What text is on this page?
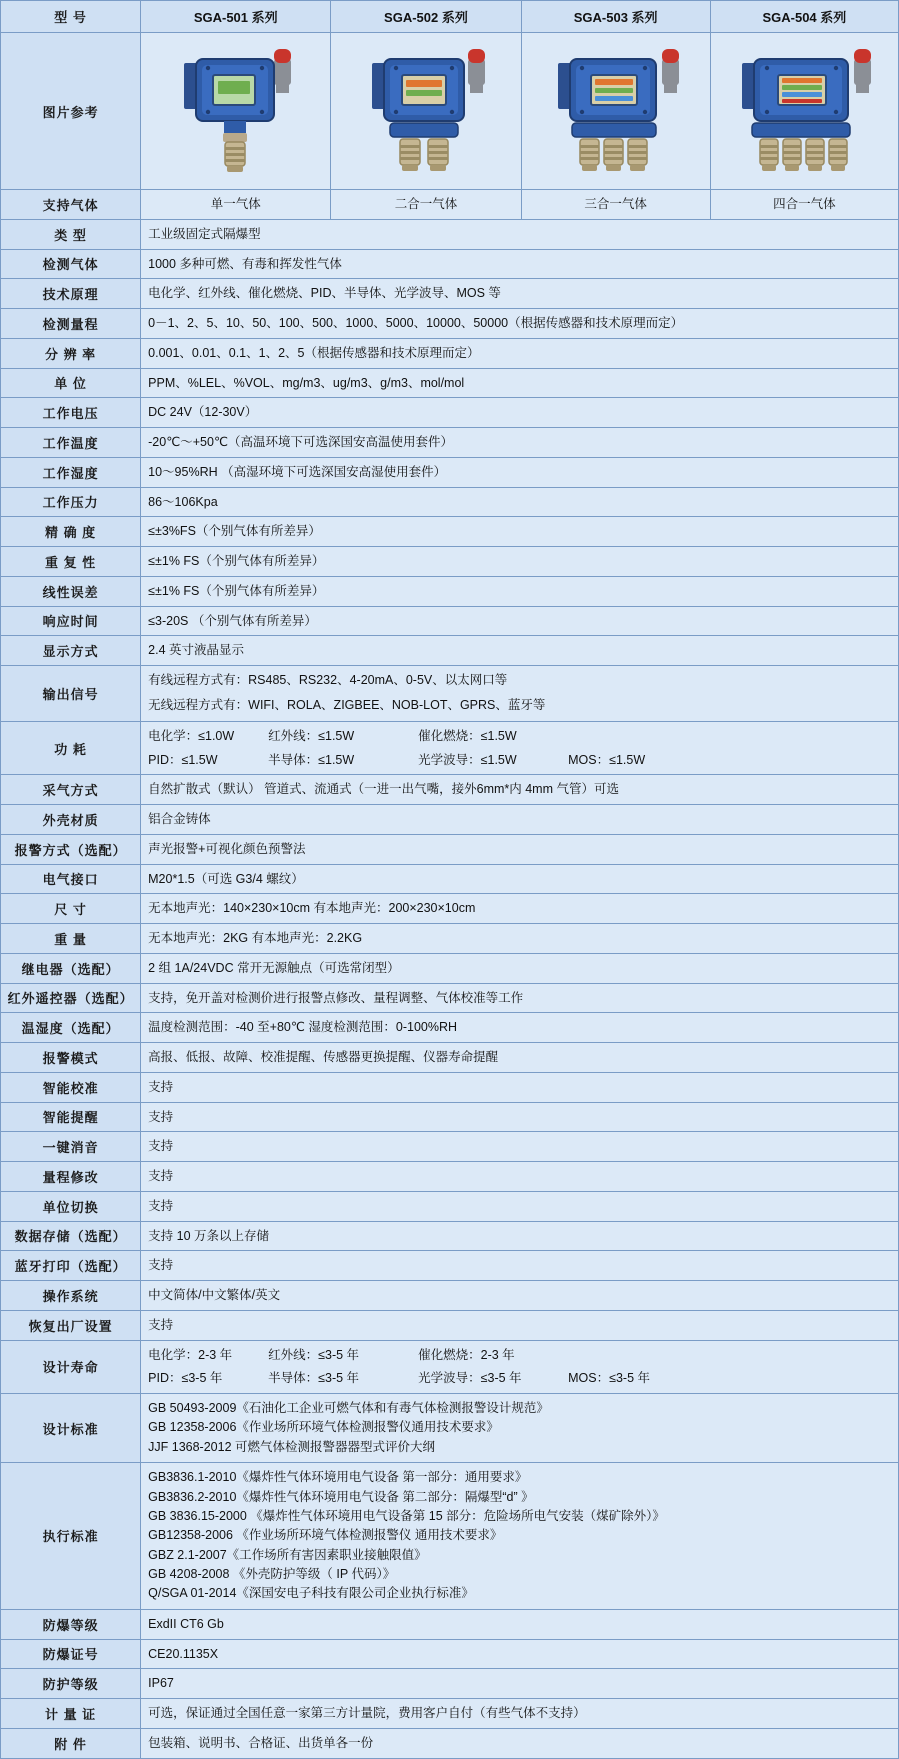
型 号	SGA-501 系列	SGA-502 系列	SGA-503 系列	SGA-504 系列
图片参考	

支持气体	单一气体	二合一气体	三合一气体	四合一气体
类 型	工业级固定式隔爆型			
检测气体	1000 多种可燃、有毒和挥发性气体			
技术原理	电化学、红外线、催化燃烧、PID、半导体、光学波导、MOS 等			
检测量程	0－1、2、5、10、50、100、500、1000、5000、10000、50000（根据传感器和技术原理而定）			
分 辨 率	0.001、0.01、0.1、1、2、5（根据传感器和技术原理而定）			
单 位	PPM、%LEL、%VOL、mg/m3、ug/m3、g/m3、mol/mol			
工作电压	DC 24V（12-30V）			
工作温度	-20℃～+50℃（高温环境下可选深国安高温使用套件）			
工作湿度	10～95%RH （高湿环境下可选深国安高湿使用套件）			
工作压力	86～106Kpa			
精 确 度	≤±3%FS（个别气体有所差异）			
重 复 性	≤±1% FS（个别气体有所差异）			
线性误差	≤±1% FS（个别气体有所差异）			
响应时间	≤3-20S （个别气体有所差异）			
显示方式	2.4 英寸液晶显示			
输出信号	有线远程方式有：RS485、RS232、4-20mA、0-5V、以太网口等
无线远程方式有：WIFI、ROLA、ZIGBEE、NOB-LOT、GPRS、蓝牙等			

功 耗	
电化学：≤1.0W	红外线：≤1.5W	催化燃烧：≤1.5W
PID：≤1.5W	半导体：≤1.5W	光学波导：≤1.5W	MOS：≤1.5W

采气方式	自然扩散式（默认） 管道式、流通式（一进一出气嘴，接外6mm*内 4mm 气管）可选			
外壳材质	铝合金铸体			
报警方式（选配）	声光报警+可视化颜色预警法			
电气接口	M20*1.5（可选 G3/4 螺纹）			
尺 寸	无本地声光：140×230×10cm 有本地声光：200×230×10cm			
重 量	无本地声光：2KG 有本地声光：2.2KG			
继电器（选配）	2 组 1A/24VDC 常开无源触点（可选常闭型）			
红外遥控器（选配）	支持，免开盖对检测价进行报警点修改、量程调整、气体校准等工作			
温湿度（选配）	温度检测范围：-40 至+80℃ 湿度检测范围：0-100%RH			
报警模式	高报、低报、故障、校准提醒、传感器更换提醒、仪器寿命提醒			
智能校准	支持			
智能提醒	支持			
一键消音	支持			
量程修改	支持			
单位切换	支持			
数据存储（选配）	支持 10 万条以上存储			
蓝牙打印（选配）	支持			
操作系统	中文简体/中文繁体/英文			
恢复出厂设置	支持			
设计寿命	
电化学：2-3 年	红外线：≤3-5 年	催化燃烧：2-3 年
PID：≤3-5 年	半导体：≤3-5 年	光学波导：≤3-5 年	MOS：≤3-5 年

设计标准	GB 50493-2009《石油化工企业可燃气体和有毒气体检测报警设计规范》
GB 12358-2006《作业场所环境气体检测报警仪通用技术要求》
JJF 1368-2012 可燃气体检测报警器器型式评价大纲			

执行标准	
GB3836.1-2010《爆炸性气体环境用电气设备 第一部分：通用要求》
GB3836.2-2010《爆炸性气体环境用电气设备 第二部分：隔爆型“d” 》
GB 3836.15-2000 《爆炸性气体环境用电气设备第 15 部分：危险场所电气安装（煤矿除外）》
GB12358-2006 《作业场所环境气体检测报警仪 通用技术要求》
GBZ 2.1-2007《工作场所有害因素职业接触限值》
GB 4208-2008 《外壳防护等级（ IP 代码）》
Q/SGA 01-2014《深国安电子科技有限公司企业执行标准》

防爆等级	ExdII CT6 Gb			
防爆证号	CE20.1135X			
防护等级	IP67			
计 量 证	可选，保证通过全国任意一家第三方计量院，费用客户自付（有些气体不支持）			
附 件	包装箱、说明书、合格证、出货单各一份			
